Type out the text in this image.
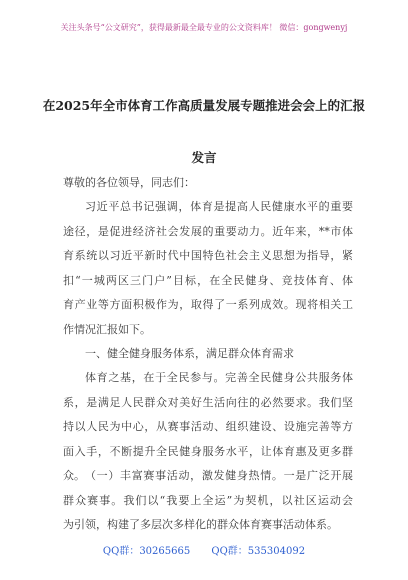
关注头条号“公文研究”，获得最新最全最专业的公文资料库！ 微信：gongwenyj
在2025年全市体育工作高质量发展专题推进会会上的汇报
发言
尊敬的各位领导，同志们：
习近平总书记强调，体育是提高人民健康水平的重要
途径，是促进经济社会发展的重要动力。近年来，**市体
育系统以习近平新时代中国特色社会主义思想为指导，紧
扣“一城两区三门户”目标，在全民健身、竞技体育、体
育产业等方面积极作为，取得了一系列成效。现将相关工
作情况汇报如下。
一、健全健身服务体系，满足群众体育需求
体育之基，在于全民参与。完善全民健身公共服务体
系，是满足人民群众对美好生活向往的必然要求。我们坚
持以人民为中心，从赛事活动、组织建设、设施完善等方
面入手，不断提升全民健身服务水平，让体育惠及更多群
众。 （一）丰富赛事活动，激发健身热情。一是广泛开展
群众赛事。我们以“我要上全运”为契机，以社区运动会
为引领，构建了多层次多样化的群众体育赛事活动体系。
QQ群：30265665 QQ群：535304092
